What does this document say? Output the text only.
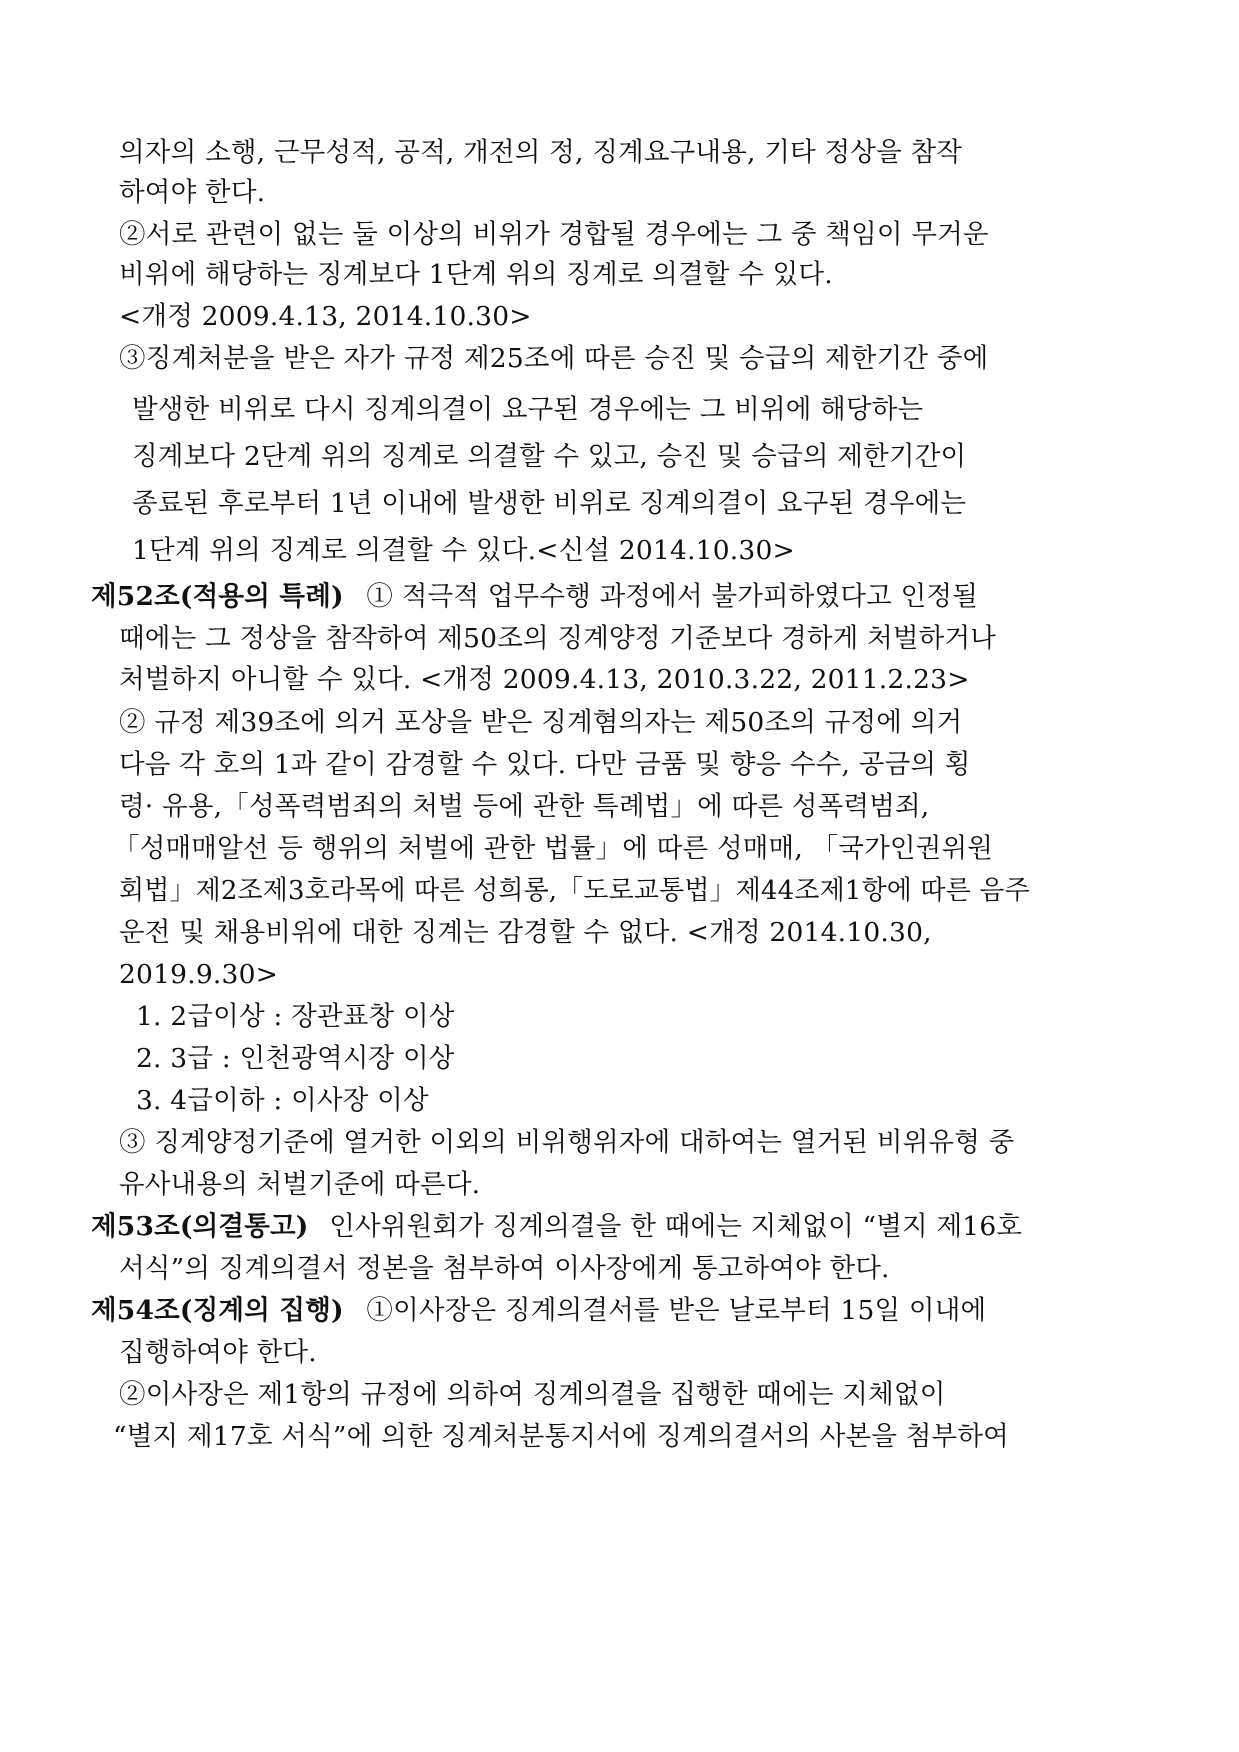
의자의 소행, 근무성적, 공적, 개전의 정, 징계요구내용, 기타 정상을 참작
하여야 한다.
②서로 관련이 없는 둘 이상의 비위가 경합될 경우에는 그 중 책임이 무거운
비위에 해당하는 징계보다 1단계 위의 징계로 의결할 수 있다.
<개정 2009.4.13, 2014.10.30>
③징계처분을 받은 자가 규정 제25조에 따른 승진 및 승급의 제한기간 중에
발생한 비위로 다시 징계의결이 요구된 경우에는 그 비위에 해당하는
징계보다 2단계 위의 징계로 의결할 수 있고, 승진 및 승급의 제한기간이
종료된 후로부터 1년 이내에 발생한 비위로 징계의결이 요구된 경우에는
1단계 위의 징계로 의결할 수 있다.<신설 2014.10.30>
제52조(적용의 특례) ① 적극적 업무수행 과정에서 불가피하였다고 인정될
때에는 그 정상을 참작하여 제50조의 징계양정 기준보다 경하게 처벌하거나
처벌하지 아니할 수 있다. <개정 2009.4.13, 2010.3.22, 2011.2.23>
② 규정 제39조에 의거 포상을 받은 징계혐의자는 제50조의 규정에 의거
다음 각 호의 1과 같이 감경할 수 있다. 다만 금품 및 향응 수수, 공금의 횡
령· 유용,「성폭력범죄의 처벌 등에 관한 특례법」에 따른 성폭력범죄,
「성매매알선 등 행위의 처벌에 관한 법률」에 따른 성매매, 「국가인권위원
회법」제2조제3호라목에 따른 성희롱,「도로교통법」제44조제1항에 따른 음주
운전 및 채용비위에 대한 징계는 감경할 수 없다. <개정 2014.10.30,
2019.9.30>
1. 2급이상 : 장관표창 이상
2. 3급 : 인천광역시장 이상
3. 4급이하 : 이사장 이상
③ 징계양정기준에 열거한 이외의 비위행위자에 대하여는 열거된 비위유형 중
유사내용의 처벌기준에 따른다.
제53조(의결통고) 인사위원회가 징계의결을 한 때에는 지체없이 “별지 제16호
서식”의 징계의결서 정본을 첨부하여 이사장에게 통고하여야 한다.
제54조(징계의 집행) ①이사장은 징계의결서를 받은 날로부터 15일 이내에
집행하여야 한다.
②이사장은 제1항의 규정에 의하여 징계의결을 집행한 때에는 지체없이
“별지 제17호 서식”에 의한 징계처분통지서에 징계의결서의 사본을 첨부하여
